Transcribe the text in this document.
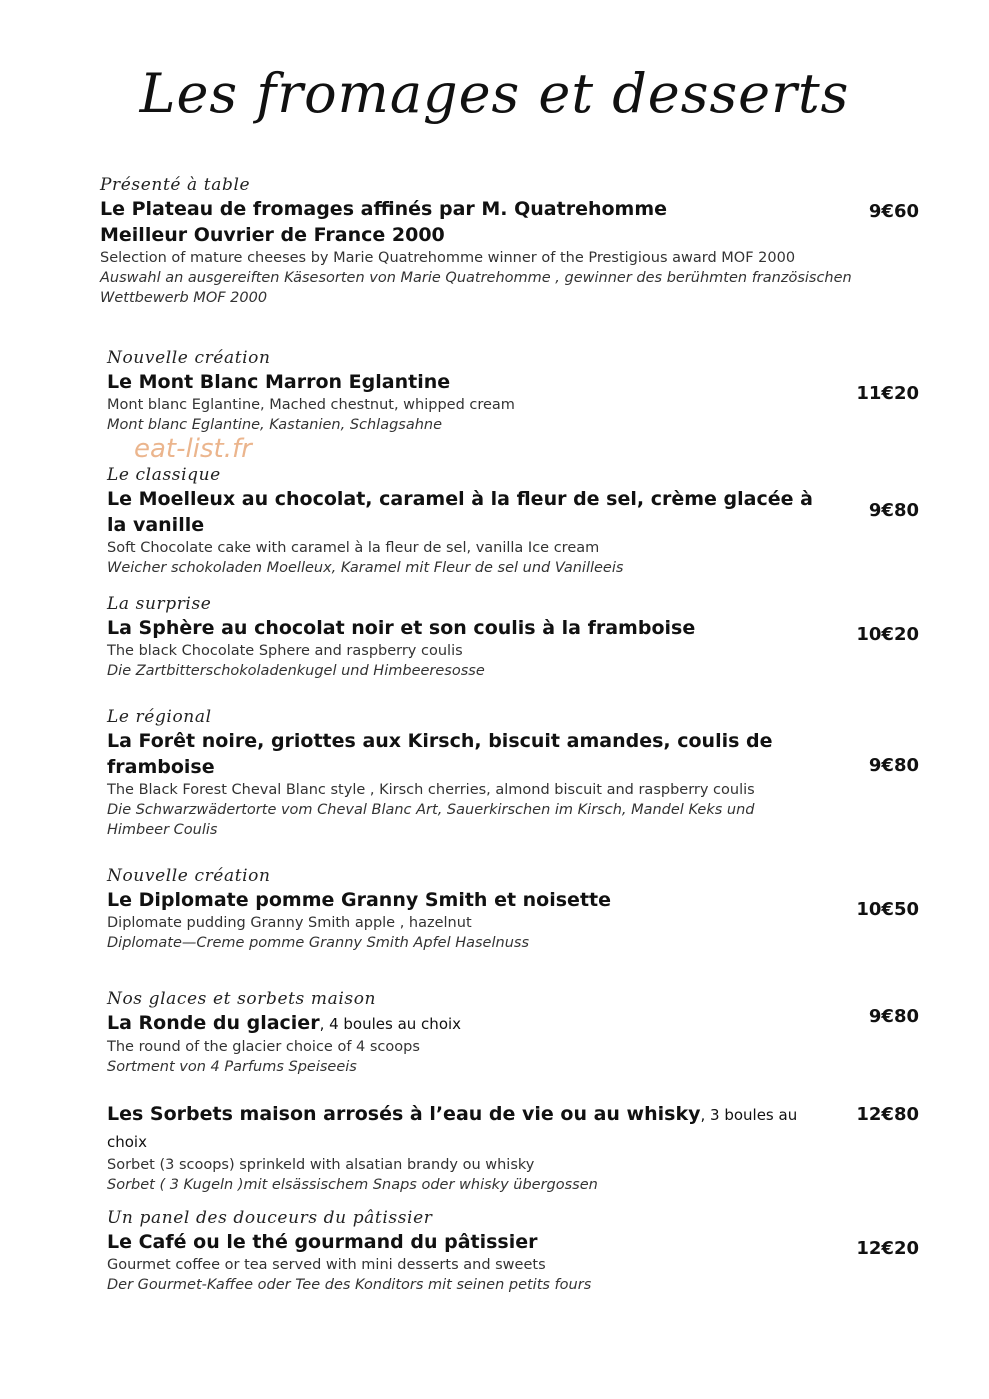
Les fromages et desserts
Présenté à table
Le Plateau de fromages affinés par M. Quatrehomme
Meilleur Ouvrier de France 2000
Selection of mature cheeses by Marie Quatrehomme winner of the Prestigious award MOF 2000
Auswahl an ausgereiften Käsesorten von Marie Quatrehomme , gewinner des berühmten französischen Wettbewerb MOF 2000
9€60
Nouvelle création
Le Mont Blanc Marron Eglantine
Mont blanc Eglantine, Mached chestnut, whipped cream
Mont blanc Eglantine, Kastanien, Schlagsahne
11€20
eat-list.fr
Le classique
Le Moelleux au chocolat, caramel à la fleur de sel, crème glacée à la vanille
Soft Chocolate cake with caramel à la fleur de sel, vanilla Ice cream
Weicher schokoladen Moelleux, Karamel mit Fleur de sel und Vanilleeis
9€80
La surprise
La Sphère au chocolat noir et son coulis à la framboise
The black Chocolate Sphere and raspberry coulis
Die Zartbitterschokoladenkugel und Himbeeresosse
10€20
Le régional
La Forêt noire, griottes aux Kirsch, biscuit amandes, coulis de framboise
The Black Forest Cheval Blanc style , Kirsch cherries, almond biscuit and raspberry coulis
Die Schwarzwädertorte vom Cheval Blanc Art, Sauerkirschen im Kirsch, Mandel Keks und Himbeer Coulis
9€80
Nouvelle création
Le Diplomate pomme Granny Smith et noisette
Diplomate pudding Granny Smith apple , hazelnut
Diplomate—Creme pomme Granny Smith Apfel Haselnuss
10€50
Nos glaces et sorbets maison
La Ronde du glacier, 4 boules au choix
The round of the glacier choice of 4 scoops
Sortment von 4 Parfums Speiseeis
9€80
Les Sorbets maison arrosés à l’eau de vie ou au whisky, 3 boules au choix
Sorbet (3 scoops) sprinkeld with alsatian brandy ou whisky
Sorbet ( 3 Kugeln )mit elsässischem Snaps oder whisky übergossen
12€80
Un panel des douceurs du pâtissier
Le Café ou le thé gourmand du pâtissier
Gourmet coffee or tea served with mini desserts and sweets
Der Gourmet-Kaffee oder Tee des Konditors mit seinen petits fours
12€20
